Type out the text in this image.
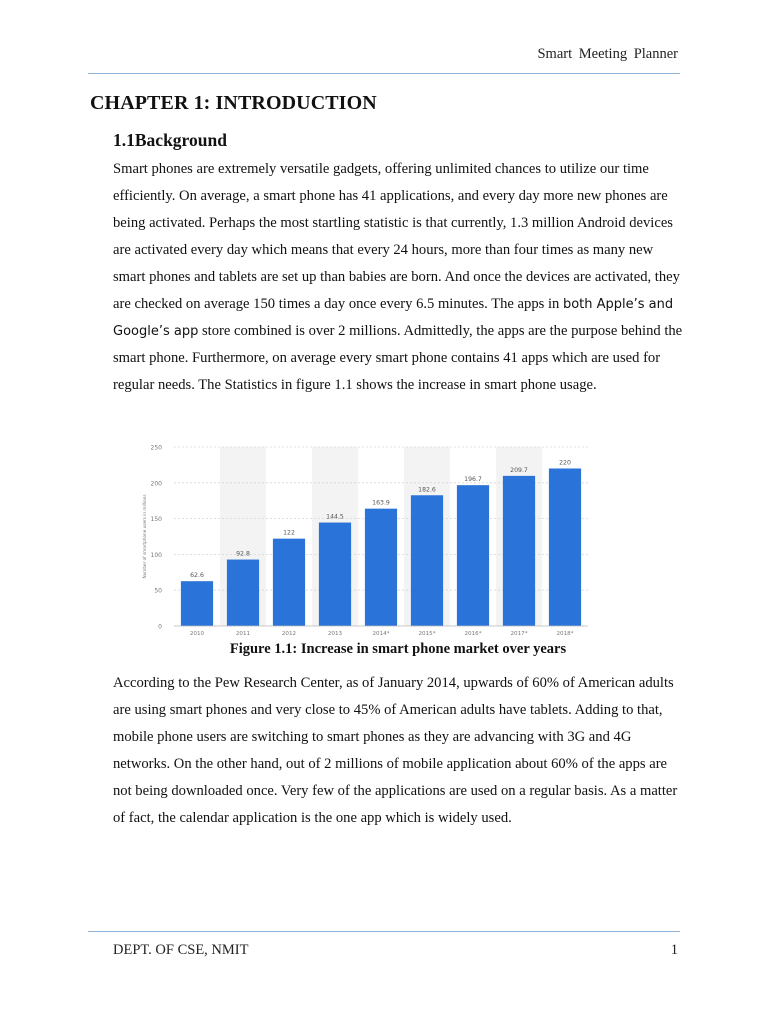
Smart Meeting Planner
CHAPTER 1: INTRODUCTION
1.1Background

Smart phones are extremely versatile gadgets, offering unlimited chances to utilize our time efficiently. On average, a smart phone has 41 applications, and every day more new phones are being activated. Perhaps the most startling statistic is that currently, 1.3 million Android devices are activated every day which means that every 24 hours, more than four times as many new smart phones and tablets are set up than babies are born. And once the devices are activated, they are checked on average 150 times a day once every 6.5 minutes. The apps in both Apple’s and Google’s app store combined is over 2 millions. Admittedly, the apps are the purpose behind the smart phone. Furthermore, on average every smart phone contains 41 apps which are used for regular needs. The Statistics in figure 1.1 shows the increase in smart phone usage.

0
50
100
150
200
250
Number of smartphone users in millions	62.6
2010
92.8
2011
122
2012
144.5
2013
163.9
2014*
182.6
2015*
196.7
2016*
209.7
2017*
220
2018*
Figure 1.1: Increase in smart phone market over years

According to the Pew Research Center, as of January 2014, upwards of 60% of American adults are using smart phones and very close to 45% of American adults have tablets. Adding to that, mobile phone users are switching to smart phones as they are advancing with 3G and 4G networks. On the other hand, out of 2 millions of mobile application about 60% of the apps are not being downloaded once. Very few of the applications are used on a regular basis. As a matter of fact, the calendar application is the one app which is widely used.

DEPT. OF CSE, NMIT	1
